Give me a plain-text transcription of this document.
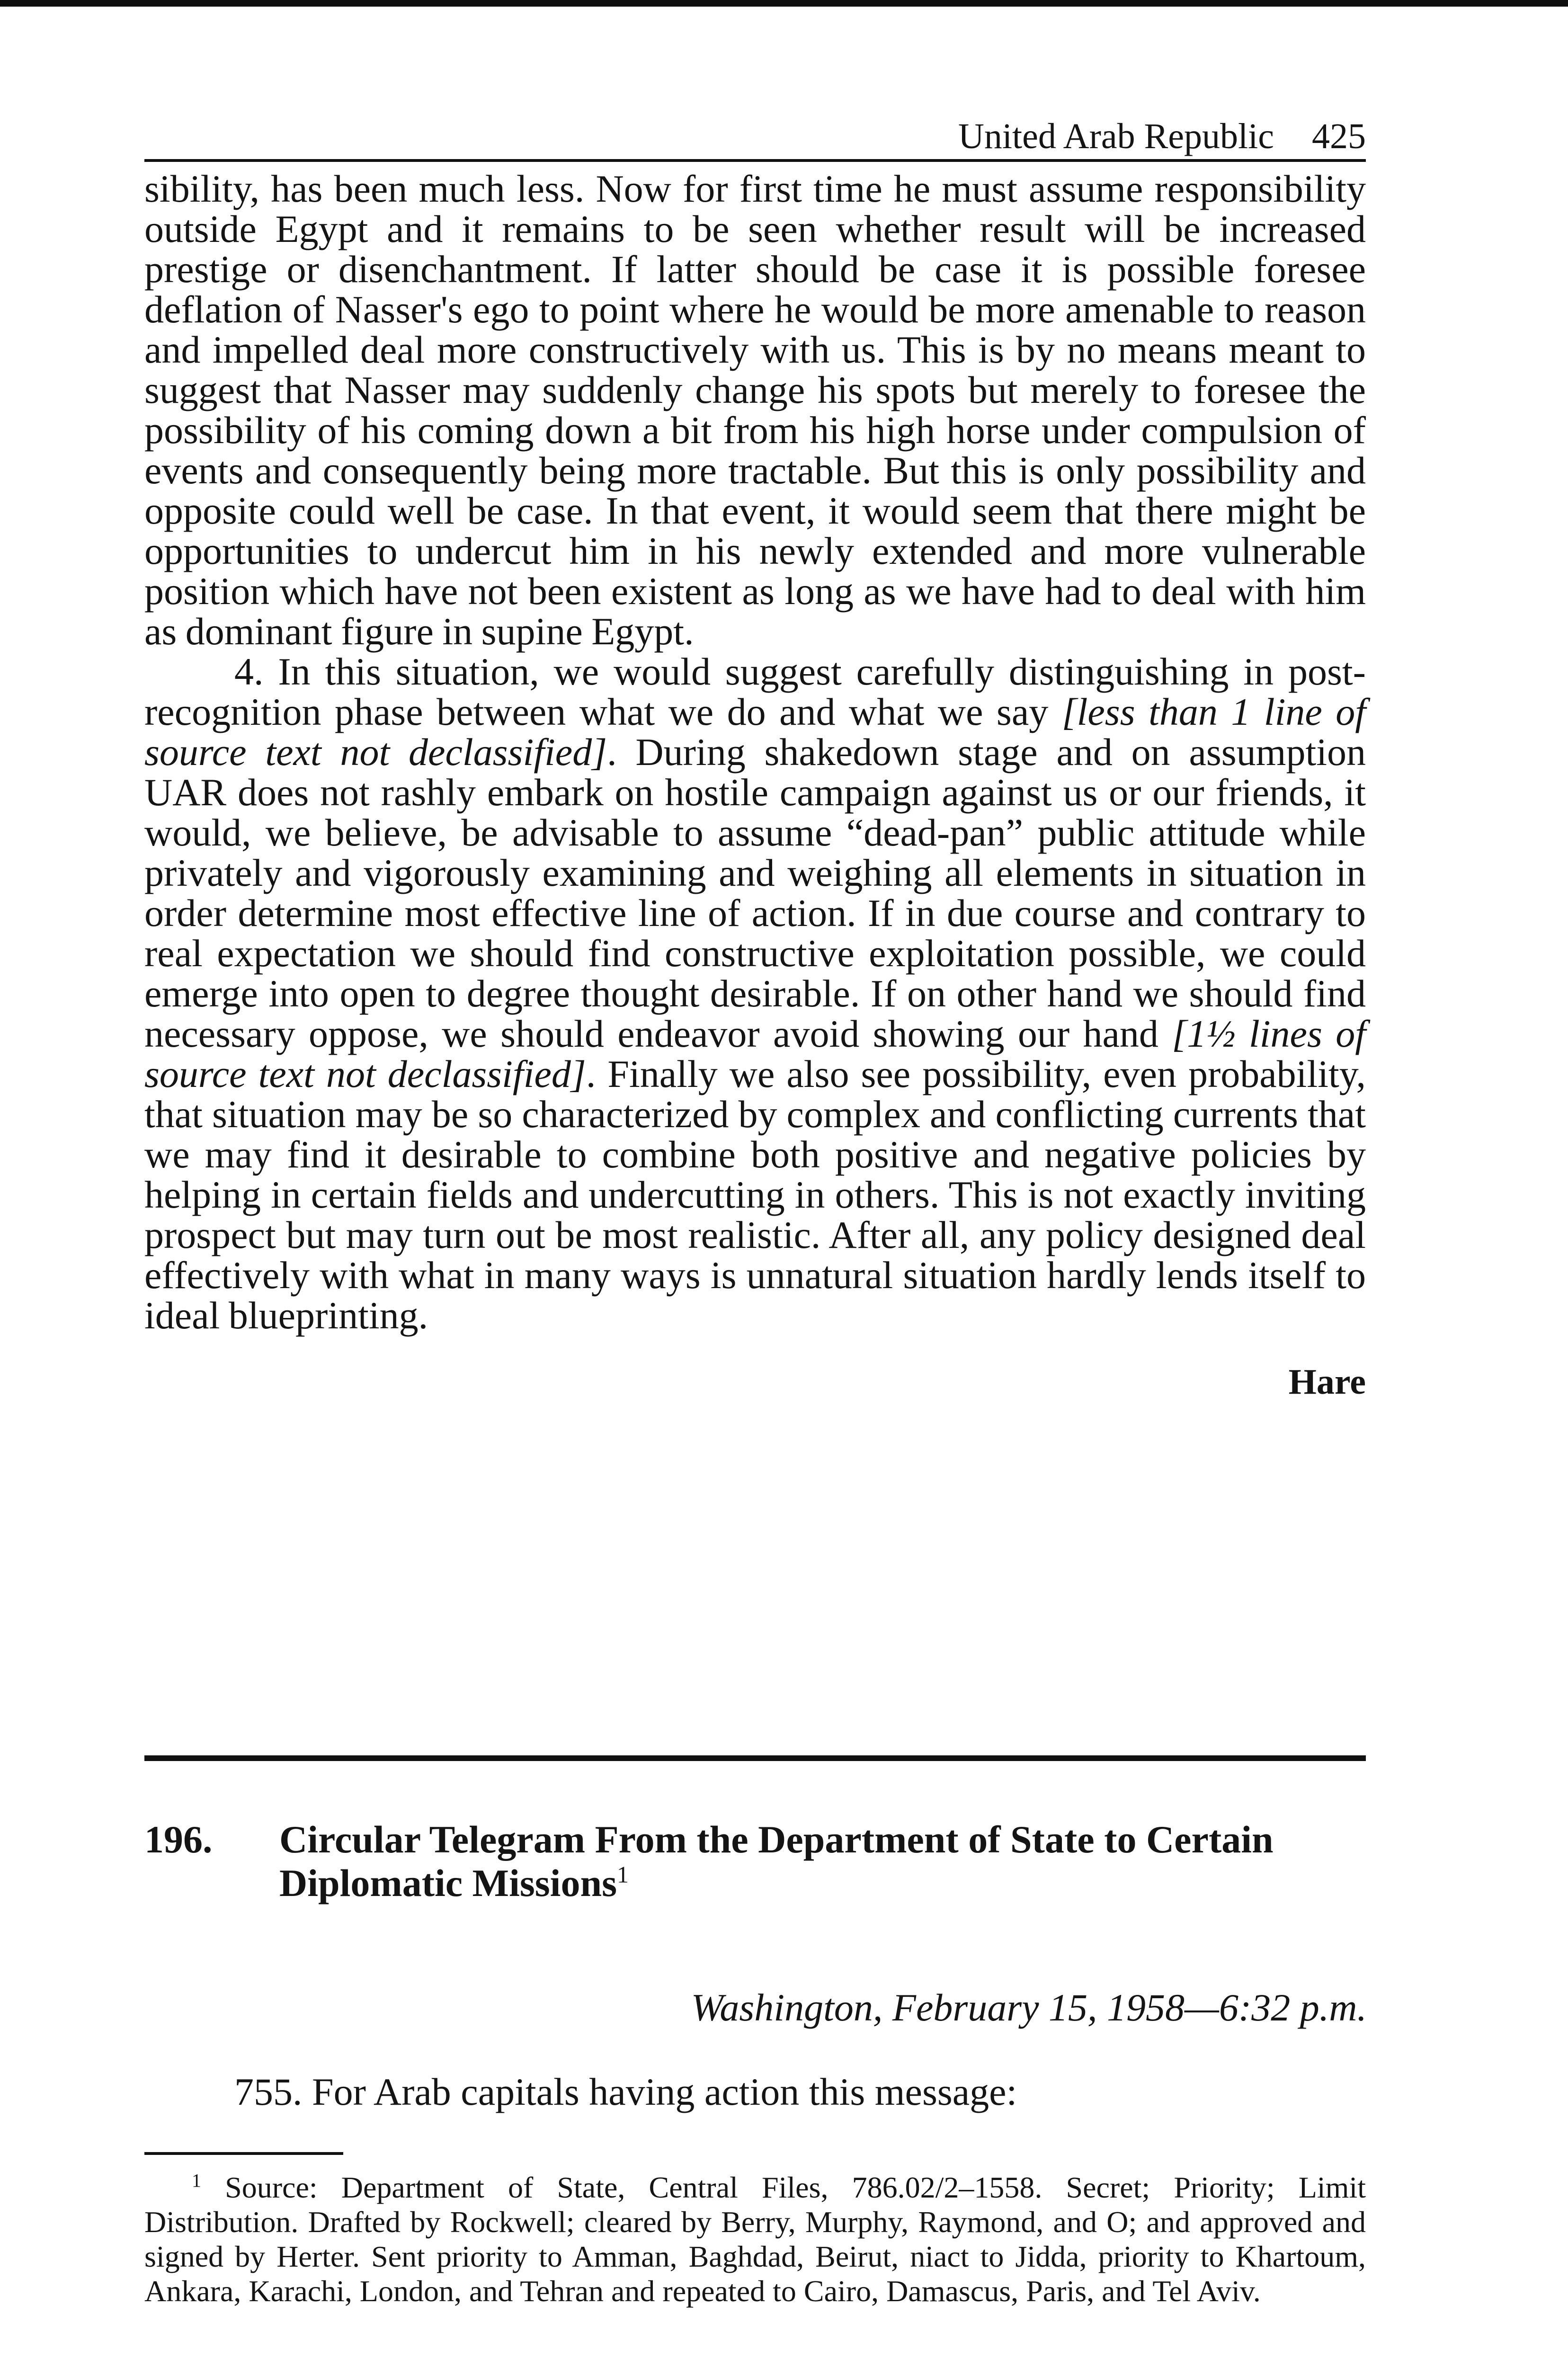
United Arab Republic 425

sibility, has been much less. Now for first time he must assume responsibility outside Egypt and it remains to be seen whether result will be increased prestige or disenchantment. If latter should be case it is possible foresee deflation of Nasser's ego to point where he would be more amenable to reason and impelled deal more constructively with us. This is by no means meant to suggest that Nasser may suddenly change his spots but merely to foresee the possibility of his coming down a bit from his high horse under compulsion of events and consequently being more tractable. But this is only possibility and opposite could well be case. In that event, it would seem that there might be opportunities to undercut him in his newly extended and more vulnerable position which have not been existent as long as we have had to deal with him as dominant figure in supine Egypt.

4. In this situation, we would suggest carefully distinguishing in post-recognition phase between what we do and what we say [less than 1 line of source text not declassified]. During shakedown stage and on assumption UAR does not rashly embark on hostile campaign against us or our friends, it would, we believe, be advisable to assume “dead-pan” public attitude while privately and vigorously examining and weighing all elements in situation in order determine most effective line of action. If in due course and contrary to real expectation we should find constructive exploitation possible, we could emerge into open to degree thought desirable. If on other hand we should find necessary oppose, we should endeavor avoid showing our hand [1½ lines of source text not declassified]. Finally we also see possibility, even probability, that situation may be so characterized by complex and conflicting currents that we may find it desirable to combine both positive and negative policies by helping in certain fields and undercutting in others. This is not exactly inviting prospect but may turn out be most realistic. After all, any policy designed deal effectively with what in many ways is unnatural situation hardly lends itself to ideal blueprinting.

Hare
196. Circular Telegram From the Department of State to Certain Diplomatic Missions$^1$
Washington, February 15, 1958—6:32 p.m.
755. For Arab capitals having action this message:
$^1$ Source: Department of State, Central Files, 786.02/2–1558. Secret; Priority; Limit Distribution. Drafted by Rockwell; cleared by Berry, Murphy, Raymond, and O; and approved and signed by Herter. Sent priority to Amman, Baghdad, Beirut, niact to Jidda, priority to Khartoum, Ankara, Karachi, London, and Tehran and repeated to Cairo, Damascus, Paris, and Tel Aviv.
